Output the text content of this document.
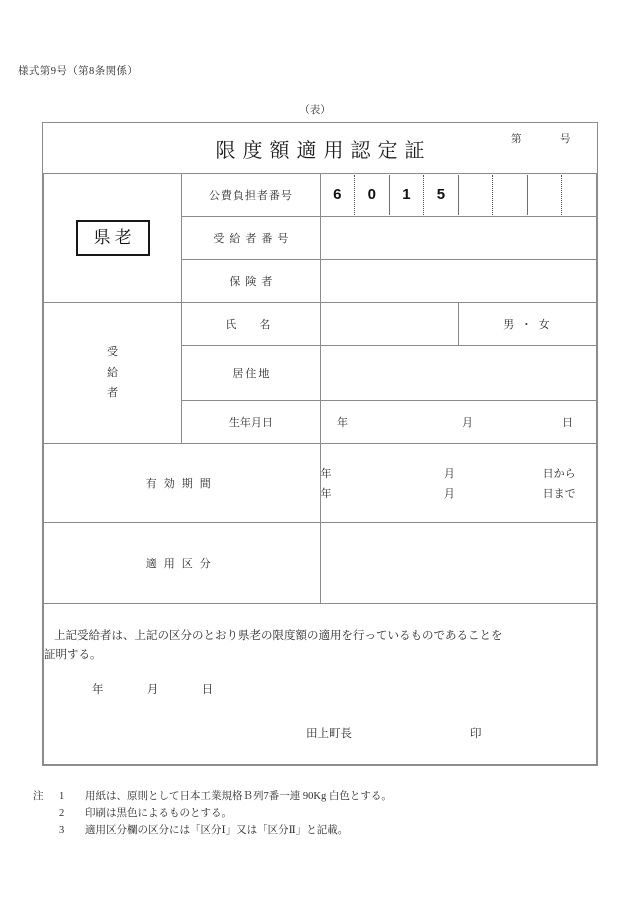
様式第9号（第8条関係）
（表）
限度額適用認定証 第　号			

県老	公費負担者番号	6 0 1 5	

	受給者番号	

	保険者		

受
給
者	氏　名		男 ・ 女
	居住地		
	生年月日	年 月 日	

有効期間	
年	月	日から
年	月	日まで

適用区分			

上記受給者は、上記の区分のとおり県老の限度額の適用を行っているものであることを
証明する。
年 月 日
田上町長 印			
注	1	用紙は、原則として日本工業規格Ｂ列7番一連 90Kg 白色とする。
2	印刷は黒色によるものとする。
3	適用区分欄の区分には「区分Ⅰ」又は「区分Ⅱ」と記載。
